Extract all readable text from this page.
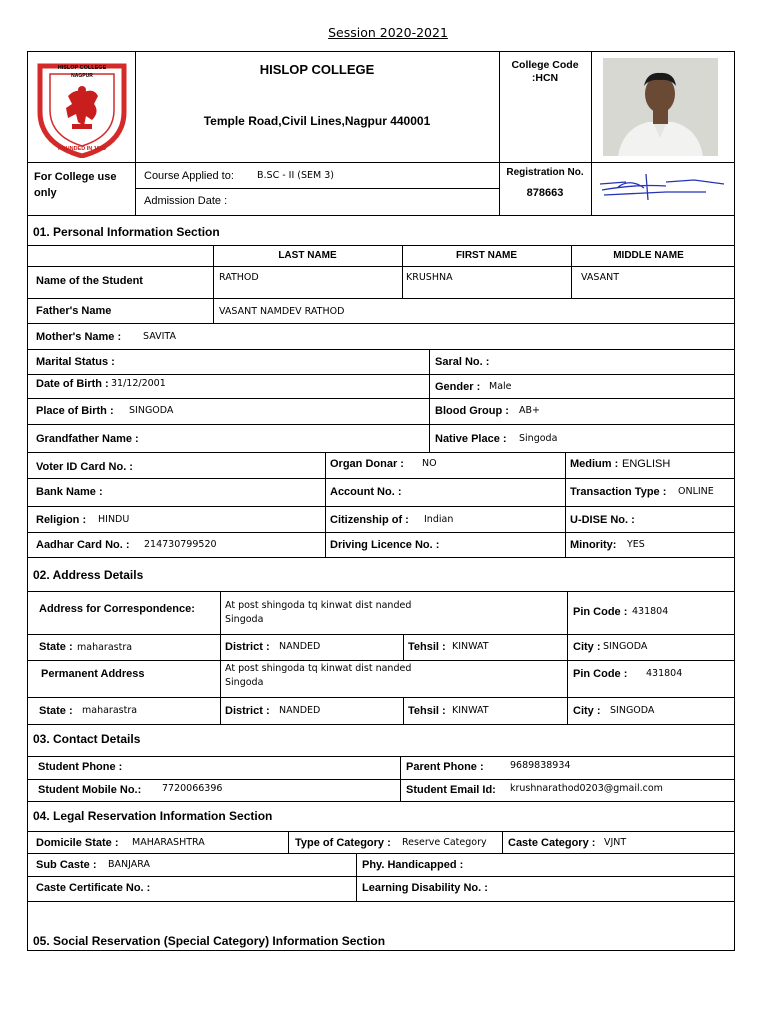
Session 2020-2021
HISLOP COLLEGE
NAGPUR
FOUNDED IN 1883
HISLOP COLLEGE
Temple Road,Civil Lines,Nagpur 440001
College Code
:HCN
For College use only
Course Applied to: B.SC - II (SEM 3)
Admission Date :
Registration No.
878663
01. Personal Information Section
LAST NAME	FIRST NAME	MIDDLE NAME
Name of the Student	RATHOD	KRUSHNA	VASANT
Father's Name	VASANT NAMDEV RATHOD
Mother's Name : SAVITA
Marital Status :	Saral No. :
Date of Birth : 31/12/2001	Gender : Male
Place of Birth : SINGODA	Blood Group : AB+
Grandfather Name :	Native Place : Singoda
Voter ID Card No. :	Organ Donar : NO	Medium : ENGLISH
Bank Name :	Account No. :	Transaction Type : ONLINE
Religion : HINDU	Citizenship of : Indian	U-DISE No. :
Aadhar Card No. : 214730799520	Driving Licence No. :	Minority: YES
02. Address Details
Address for Correspondence:	At post shingoda tq kinwat dist nanded
Singoda
Pin Code : 431804
State : maharastra	District : NANDED	Tehsil : KINWAT	City : SINGODA
Permanent Address	At post shingoda tq kinwat dist nanded
Singoda
Pin Code : 431804
State : maharastra	District : NANDED	Tehsil : KINWAT	City : SINGODA
03. Contact Details
Student Phone :	Parent Phone :	9689838934
Student Mobile No.: 7720066396	Student Email Id: krushnarathod0203@gmail.com
04. Legal Reservation Information Section
Domicile State : MAHARASHTRA	Type of Category : Reserve Category Caste Category : VJNT
Sub Caste : BANJARA	Phy. Handicapped :
Caste Certificate No. :	Learning Disability No. :
05. Social Reservation (Special Category) Information Section
